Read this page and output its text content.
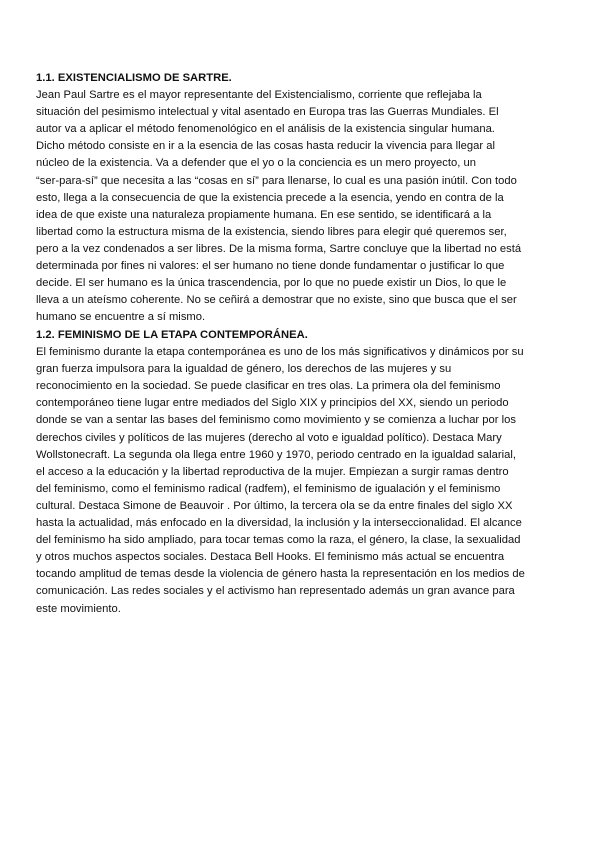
1.1. EXISTENCIALISMO DE SARTRE.

Jean Paul Sartre es el mayor representante del Existencialismo, corriente que reflejaba la
situación del pesimismo intelectual y vital asentado en Europa tras las Guerras Mundiales. El
autor va a aplicar el método fenomenológico en el análisis de la existencia singular humana.
Dicho método consiste en ir a la esencia de las cosas hasta reducir la vivencia para llegar al
núcleo de la existencia. Va a defender que el yo o la conciencia es un mero proyecto, un
“ser-para-sí” que necesita a las “cosas en sí” para llenarse, lo cual es una pasión inútil. Con todo
esto, llega a la consecuencia de que la existencia precede a la esencia, yendo en contra de la
idea de que existe una naturaleza propiamente humana. En ese sentido, se identificará a la
libertad como la estructura misma de la existencia, siendo libres para elegir qué queremos ser,
pero a la vez condenados a ser libres. De la misma forma, Sartre concluye que la libertad no está
determinada por fines ni valores: el ser humano no tiene donde fundamentar o justificar lo que
decide. El ser humano es la única trascendencia, por lo que no puede existir un Dios, lo que le
lleva a un ateísmo coherente. No se ceñirá a demostrar que no existe, sino que busca que el ser
humano se encuentre a sí mismo.

1.2. FEMINISMO DE LA ETAPA CONTEMPORÁNEA.

El feminismo durante la etapa contemporánea es uno de los más significativos y dinámicos por su
gran fuerza impulsora para la igualdad de género, los derechos de las mujeres y su
reconocimiento en la sociedad. Se puede clasificar en tres olas. La primera ola del feminismo
contemporáneo tiene lugar entre mediados del Siglo XIX y principios del XX, siendo un periodo
donde se van a sentar las bases del feminismo como movimiento y se comienza a luchar por los
derechos civiles y políticos de las mujeres (derecho al voto e igualdad político). Destaca Mary
Wollstonecraft. La segunda ola llega entre 1960 y 1970, periodo centrado en la igualdad salarial,
el acceso a la educación y la libertad reproductiva de la mujer. Empiezan a surgir ramas dentro
del feminismo, como el feminismo radical (radfem), el feminismo de igualación y el feminismo
cultural. Destaca Simone de Beauvoir . Por último, la tercera ola se da entre finales del siglo XX
hasta la actualidad, más enfocado en la diversidad, la inclusión y la interseccionalidad. El alcance
del feminismo ha sido ampliado, para tocar temas como la raza, el género, la clase, la sexualidad
y otros muchos aspectos sociales. Destaca Bell Hooks. El feminismo más actual se encuentra
tocando amplitud de temas desde la violencia de género hasta la representación en los medios de
comunicación. Las redes sociales y el activismo han representado además un gran avance para
este movimiento.
